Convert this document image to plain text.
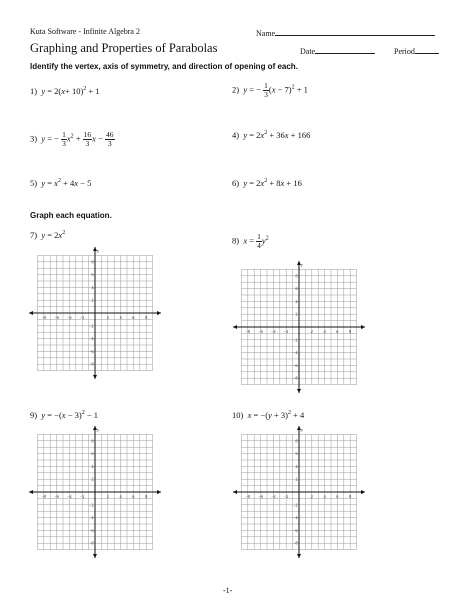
Kuta Software - Infinite Algebra 2	Name
Graphing and Properties of Parabolas	Date	Period
Identify the vertex, axis of symmetry, and direction of opening of each.
1) $y = 2(x+ 10)^2 + 1$	2) y = − $\frac{1}{3} (x - 7)^2 + 1$
3) y = − $\frac{1}{3} x^2 + \frac{16}{3}$ $x - \frac{46}{3}$	4) $y = 2x^2 + 36x + 166$
5) $y = x^2 + 4x - 5$	6) $y = 2x^2 + 8x + 16$
Graph each equation.
7) $y = 2x^2$
8) $x = \frac{1}{4} y^2$
9) $y = -(x - 3)^2 - 1$	10) $x = -(y + 3)^2 + 4$
−8 −6 −4 −2	2	4	6	8
8
6
4
2
−2
−4
−6
−8
x
y
−8 −6 −4 −2	2	4	6	8
8
6
4
2
−2
−4
−6
−8
x
y
−8 −6 −4 −2	2	4	6	8
8
6
4
2
−2
−4
−6
−8
x
y
−8 −6 −4 −2	2	4	6	8
8
6
4
2
−2
−4
−6
−8
x
y
-1-
